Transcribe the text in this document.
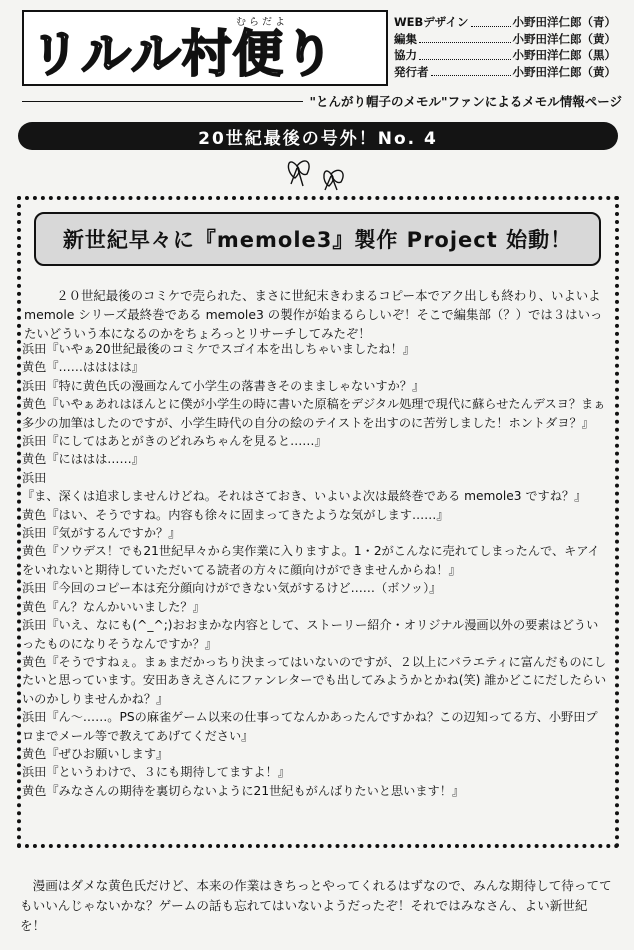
むらだよ
リルル村便り
WEBデザイン	小野田洋仁郎（青）
編集	小野田洋仁郎（黄）
協力	小野田洋仁郎（黒）
発行者	小野田洋仁郎（黄）
"とんがり帽子のメモル"ファンによるメモル情報ページ
20世紀最後の号外！No. 4
新世紀早々に『memole3』製作 Project 始動！

２０世紀最後のコミケで売られた、まさに世紀末きわまるコピー本でアク出しも終わり、いよいよ memole シリーズ最終巻である memole3 の製作が始まるらしいぞ！そこで編集部（？）では３はいったいどういう本になるのかをちょろっとリサーチしてみたぞ！

浜田『いやぁ20世紀最後のコミケでスゴイ本を出しちゃいましたね！』

黄色『……はははは』

浜田『特に黄色氏の漫画なんて小学生の落書きそのまましゃないすか？』

黄色『いやぁあれはほんとに僕が小学生の時に書いた原稿をデジタル処理で現代に蘇らせたんデスヨ？まぁ多少の加筆はしたのですが、小学生時代の自分の絵のテイストを出すのに苦労しました！ホントダヨ？』

浜田『にしてはあとがきのどれみちゃんを見ると……』

黄色『にははは……』

浜田『ま、深くは追求しませんけどね。それはさておき、いよいよ次は最終巻である memole3 ですね？』

黄色『はい、そうですね。内容も徐々に固まってきたような気がします……』

浜田『気がするんですか？』

黄色『ソウデス！でも21世紀早々から実作業に入りますよ。1・2がこんなに売れてしまったんで、キアイをいれないと期待していただいてる読者の方々に顔向けができませんからね！』

浜田『今回のコピー本は充分顔向けができない気がするけど……（ボソッ）』

黄色『ん？なんかいいました？』

浜田『いえ、なにも(^_^;)おおまかな内容として、ストーリー紹介・オリジナル漫画以外の要素はどういったものになりそうなんですか？』

黄色『そうですねぇ。まぁまだかっちり決まってはいないのですが、２以上にバラエティに富んだものにしたいと思っています。安田あきえさんにファンレターでも出してみようかとかね(笑) 誰かどこにだしたらいいのかしりませんかね？』

浜田『ん～……。PSの麻雀ゲーム以来の仕事ってなんかあったんですかね？この辺知ってる方、小野田プロまでメール等で教えてあげてください』

黄色『ぜひお願いします』

浜田『というわけで、３にも期待してますよ！』

黄色『みなさんの期待を裏切らないように21世紀もがんばりたいと思います！』

漫画はダメな黄色氏だけど、本来の作業はきちっとやってくれるはずなので、みんな期待して待っててもいいんじゃないかな？ゲームの話も忘れてはいないようだったぞ！それではみなさん、よい新世紀を！
